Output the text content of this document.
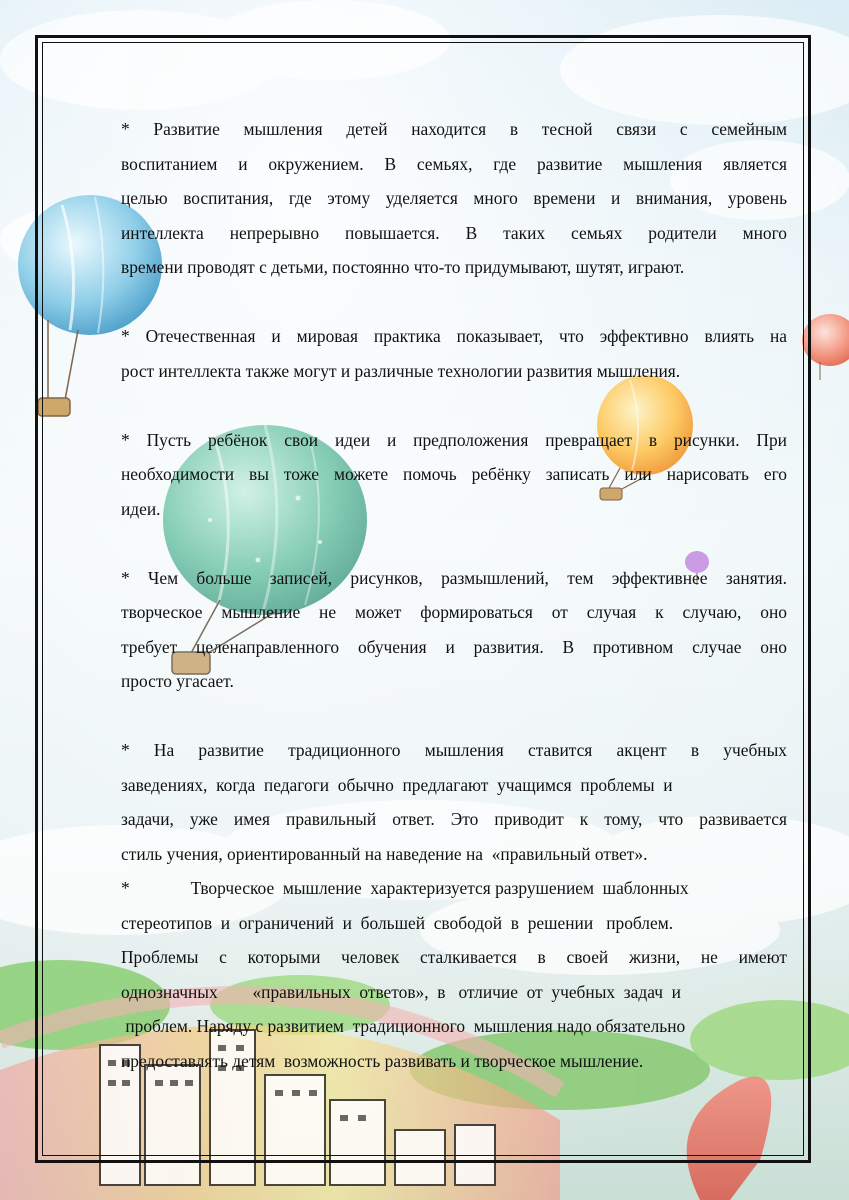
* Развитие мышления детей находится в тесной связи с семейным
воспитанием и окружением. В семьях, где развитие мышления является
целью воспитания, где этому уделяется много времени и внимания, уровень
интеллекта непрерывно повышается. В таких семьях родители много
времени проводят с детьми, постоянно что-то придумывают, шутят, играют.

* Отечественная и мировая практика показывает, что эффективно влиять на
рост интеллекта также могут и различные технологии развития мышления.

* Пусть ребёнок свои идеи и предположения превращает в рисунки. При
необходимости вы тоже можете помочь ребёнку записать или нарисовать его
идеи.

* Чем больше записей, рисунков, размышлений, тем эффективнее занятия.
творческое мышление не может формироваться от случая к случаю, оно
требует целенаправленного обучения и развития. В противном случае оно
просто угасает.

* На развитие традиционного мышления ставится акцент в учебных
заведениях,  когда  педагоги  обычно  предлагают  учащимся  проблемы  и
задачи, уже имея правильный ответ. Это приводит к тому, что развивается
стиль учения, ориентированный на наведение на  «правильный ответ».

*              Творческое  мышление  характеризуется разрушением  шаблонных
стереотипов  и  ограничений  и  большей  свободой  в  решении   проблем.
Проблемы с которыми человек сталкивается в своей жизни, не имеют
однозначных        «правильных  ответов»,  в   отличие  от  учебных  задач  и
проблем. Наряду с развитием  традиционного  мышления надо обязательно
предоставлять детям  возможность развивать и творческое мышление.
